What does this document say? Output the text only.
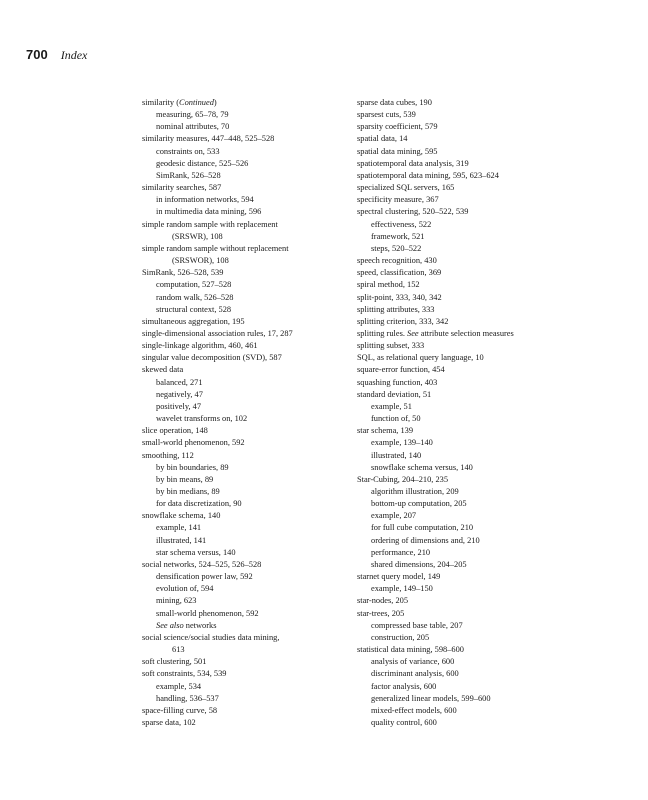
700 Index
similarity (Continued)
measuring, 65–78, 79
nominal attributes, 70
similarity measures, 447–448, 525–528
constraints on, 533
geodesic distance, 525–526
SimRank, 526–528
similarity searches, 587
in information networks, 594
in multimedia data mining, 596
simple random sample with replacement
(SRSWR), 108
simple random sample without replacement
(SRSWOR), 108
SimRank, 526–528, 539
computation, 527–528
random walk, 526–528
structural context, 528
simultaneous aggregation, 195
single-dimensional association rules, 17, 287
single-linkage algorithm, 460, 461
singular value decomposition (SVD), 587
skewed data
balanced, 271
negatively, 47
positively, 47
wavelet transforms on, 102
slice operation, 148
small-world phenomenon, 592
smoothing, 112
by bin boundaries, 89
by bin means, 89
by bin medians, 89
for data discretization, 90
snowflake schema, 140
example, 141
illustrated, 141
star schema versus, 140
social networks, 524–525, 526–528
densification power law, 592
evolution of, 594
mining, 623
small-world phenomenon, 592
See also networks
social science/social studies data mining,
613
soft clustering, 501
soft constraints, 534, 539
example, 534
handling, 536–537
space-filling curve, 58
sparse data, 102
sparse data cubes, 190
sparsest cuts, 539
sparsity coefficient, 579
spatial data, 14
spatial data mining, 595
spatiotemporal data analysis, 319
spatiotemporal data mining, 595, 623–624
specialized SQL servers, 165
specificity measure, 367
spectral clustering, 520–522, 539
effectiveness, 522
framework, 521
steps, 520–522
speech recognition, 430
speed, classification, 369
spiral method, 152
split-point, 333, 340, 342
splitting attributes, 333
splitting criterion, 333, 342
splitting rules. See attribute selection measures
splitting subset, 333
SQL, as relational query language, 10
square-error function, 454
squashing function, 403
standard deviation, 51
example, 51
function of, 50
star schema, 139
example, 139–140
illustrated, 140
snowflake schema versus, 140
Star-Cubing, 204–210, 235
algorithm illustration, 209
bottom-up computation, 205
example, 207
for full cube computation, 210
ordering of dimensions and, 210
performance, 210
shared dimensions, 204–205
starnet query model, 149
example, 149–150
star-nodes, 205
star-trees, 205
compressed base table, 207
construction, 205
statistical data mining, 598–600
analysis of variance, 600
discriminant analysis, 600
factor analysis, 600
generalized linear models, 599–600
mixed-effect models, 600
quality control, 600
